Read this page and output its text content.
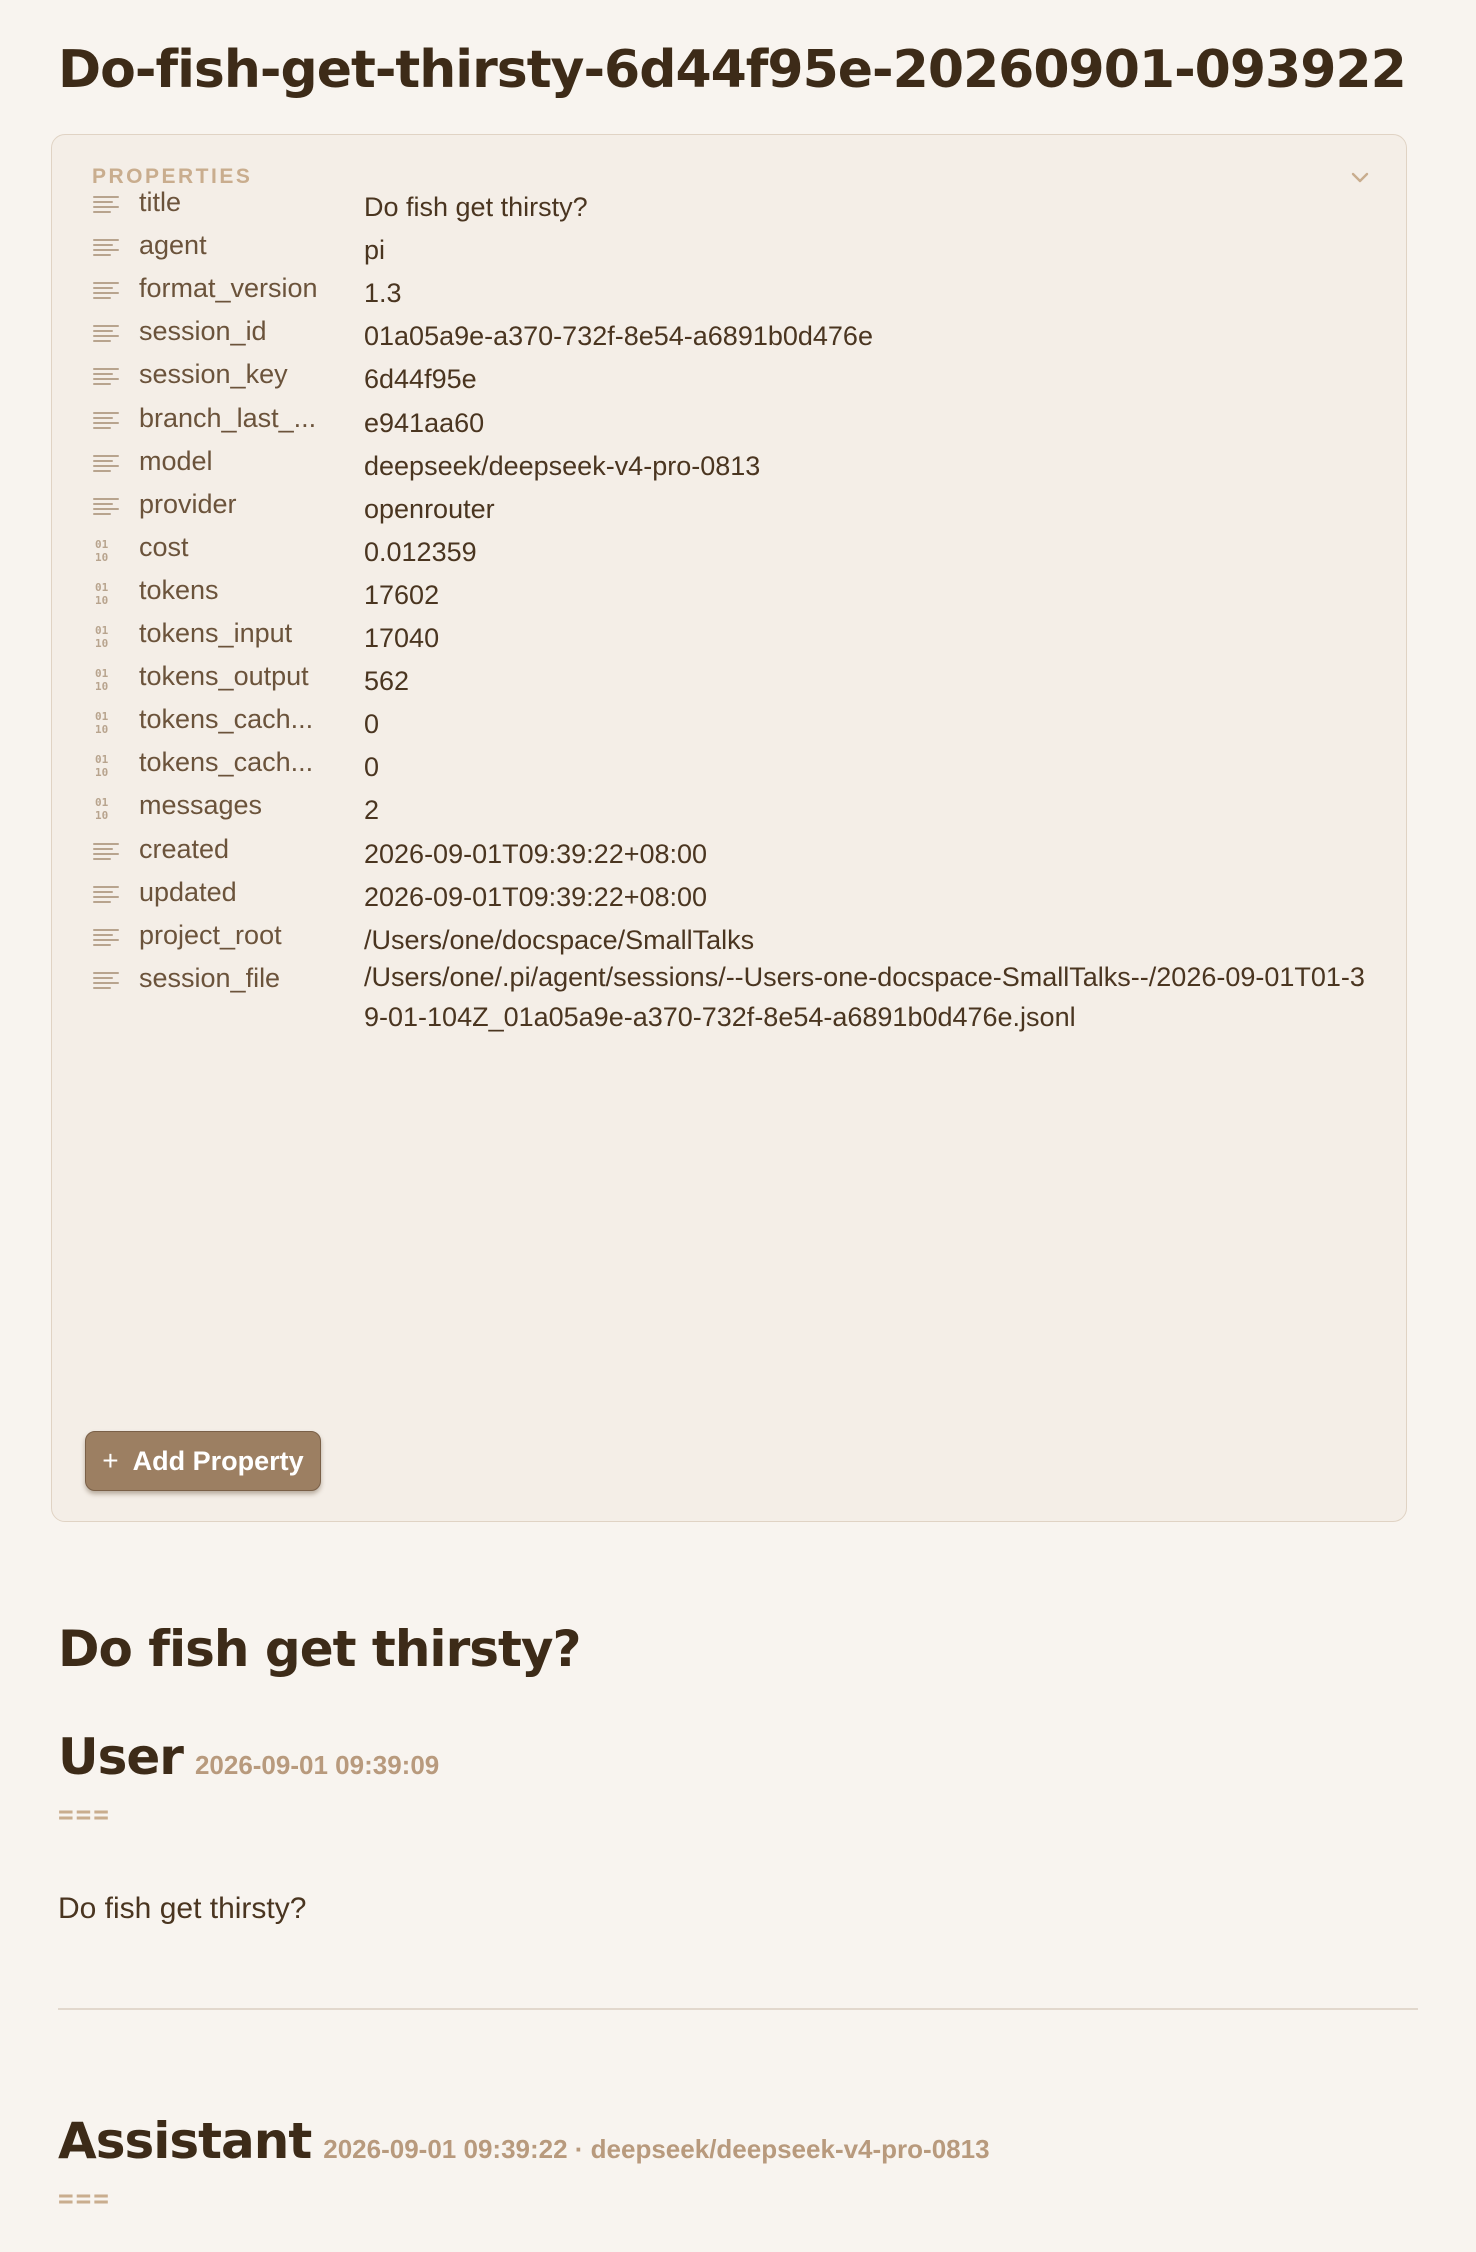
Do-fish-get-thirsty-6d44f95e-20260901-093922
PROPERTIES
title	Do fish get thirsty?
agent	pi
format_version	1.3
session_id	01a05a9e-a370-732f-8e54-a6891b0d476e
session_key	6d44f95e
branch_last_...	e941aa60
model	deepseek/deepseek-v4-pro-0813
provider	openrouter
01
10 cost	0.012359
01
10 tokens	17602
01
10 tokens_input	17040
01
10 tokens_output	562
01
10 tokens_cach...	0
01
10 tokens_cach...	0
01
10 messages	2
created	2026-09-01T09:39:22+08:00
updated	2026-09-01T09:39:22+08:00
project_root	/Users/one/docspace/SmallTalks
session_file	/Users/one/.pi/agent/sessions/--Users-one-docspace-SmallTalks--/2026-09-01T01-39-01-104Z_01a05a9e-a370-732f-8e54-a6891b0d476e.jsonl
+ Add Property
Do fish get thirsty?
User 2026-09-01 09:39:09
===
Do fish get thirsty?
Assistant 2026-09-01 09:39:22 · deepseek/deepseek-v4-pro-0813
===
